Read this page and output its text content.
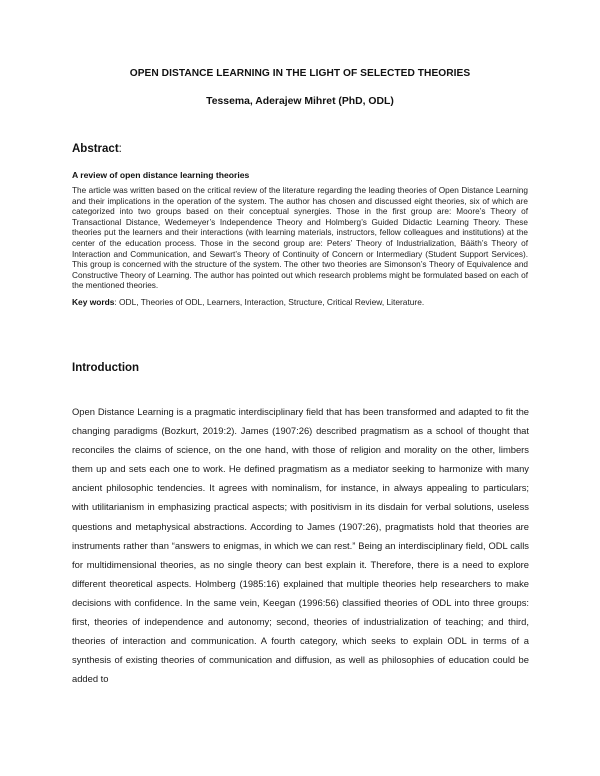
OPEN DISTANCE LEARNING IN THE LIGHT OF SELECTED THEORIES
Tessema, Aderajew Mihret (PhD, ODL)
Abstract:
A review of open distance learning theories
The article was written based on the critical review of the literature regarding the leading theories of Open Distance Learning and their implications in the operation of the system. The author has chosen and discussed eight theories, six of which are categorized into two groups based on their conceptual synergies. Those in the first group are: Moore’s Theory of Transactional Distance, Wedemeyer’s Independence Theory and Holmberg’s Guided Didactic Learning Theory. These theories put the learners and their interactions (with learning materials, instructors, fellow colleagues and institutions) at the center of the education process. Those in the second group are: Peters’ Theory of Industrialization, Bääth’s Theory of Interaction and Communication, and Sewart’s Theory of Continuity of Concern or Intermediary (Student Support Services). This group is concerned with the structure of the system. The other two theories are Simonson’s Theory of Equivalence and Constructive Theory of Learning. The author has pointed out which research problems might be formulated based on each of the mentioned theories.
Key words: ODL, Theories of ODL, Learners, Interaction, Structure, Critical Review, Literature.
Introduction
Open Distance Learning is a pragmatic interdisciplinary field that has been transformed and adapted to fit the changing paradigms (Bozkurt, 2019:2). James (1907:26) described pragmatism as a school of thought that reconciles the claims of science, on the one hand, with those of religion and morality on the other, limbers them up and sets each one to work. He defined pragmatism as a mediator seeking to harmonize with many ancient philosophic tendencies. It agrees with nominalism, for instance, in always appealing to particulars; with utilitarianism in emphasizing practical aspects; with positivism in its disdain for verbal solutions, useless questions and metaphysical abstractions. According to James (1907:26), pragmatists hold that theories are instruments rather than “answers to enigmas, in which we can rest.” Being an interdisciplinary field, ODL calls for multidimensional theories, as no single theory can best explain it. Therefore, there is a need to explore different theoretical aspects. Holmberg (1985:16) explained that multiple theories help researchers to make decisions with confidence. In the same vein, Keegan (1996:56) classified theories of ODL into three groups: first, theories of independence and autonomy; second, theories of industrialization of teaching; and third, theories of interaction and communication. A fourth category, which seeks to explain ODL in terms of a synthesis of existing theories of communication and diffusion, as well as philosophies of education could be added to
